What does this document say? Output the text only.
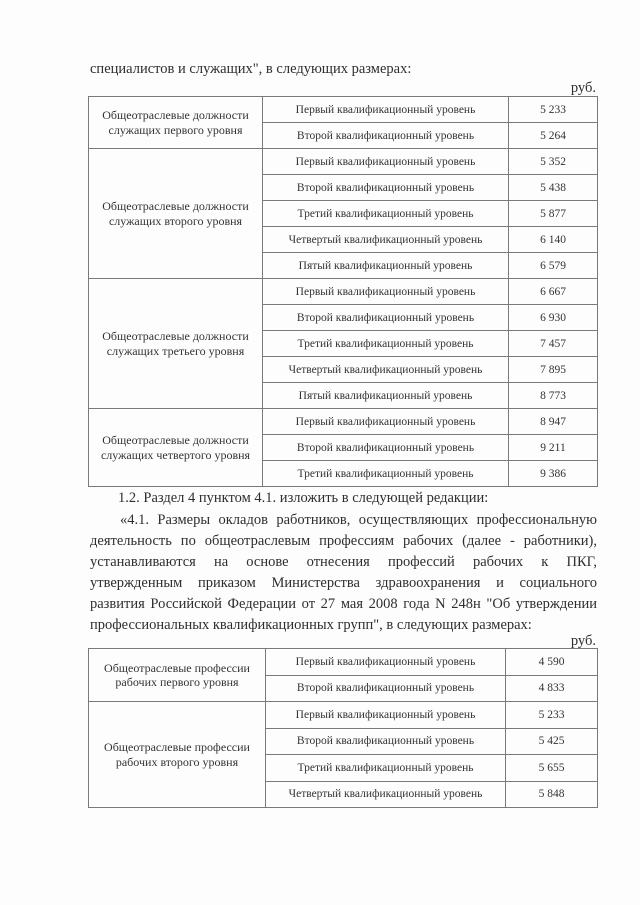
специалистов и служащих", в следующих размерах:
руб.
Общеотраслевые должности служащих первого уровня	Первый квалификационный уровень	5 233
	Второй квалификационный уровень	5 264
Общеотраслевые должности служащих второго уровня	Первый квалификационный уровень	5 352
	Второй квалификационный уровень	5 438
	Третий квалификационный уровень	5 877
	Четвертый квалификационный уровень	6 140
	Пятый квалификационный уровень	6 579
Общеотраслевые должности служащих третьего уровня	Первый квалификационный уровень	6 667
	Второй квалификационный уровень	6 930
	Третий квалификационный уровень	7 457
	Четвертый квалификационный уровень	7 895
	Пятый квалификационный уровень	8 773
Общеотраслевые должности служащих четвертого уровня	Первый квалификационный уровень	8 947
	Второй квалификационный уровень	9 211
	Третий квалификационный уровень	9 386
1.2. Раздел 4 пунктом 4.1. изложить в следующей редакции:
«4.1. Размеры окладов работников, осуществляющих профессиональную
деятельность по общеотраслевым профессиям рабочих (далее - работники),
устанавливаются на основе отнесения профессий рабочих к ПКГ,
утвержденным приказом Министерства здравоохранения и социального
развития Российской Федерации от 27 мая 2008 года N 248н "Об утверждении
профессиональных квалификационных групп", в следующих размерах:
руб.
Общеотраслевые профессии рабочих первого уровня	Первый квалификационный уровень	4 590
	Второй квалификационный уровень	4 833
Общеотраслевые профессии рабочих второго уровня	Первый квалификационный уровень	5 233
	Второй квалификационный уровень	5 425
	Третий квалификационный уровень	5 655
	Четвертый квалификационный уровень	5 848
